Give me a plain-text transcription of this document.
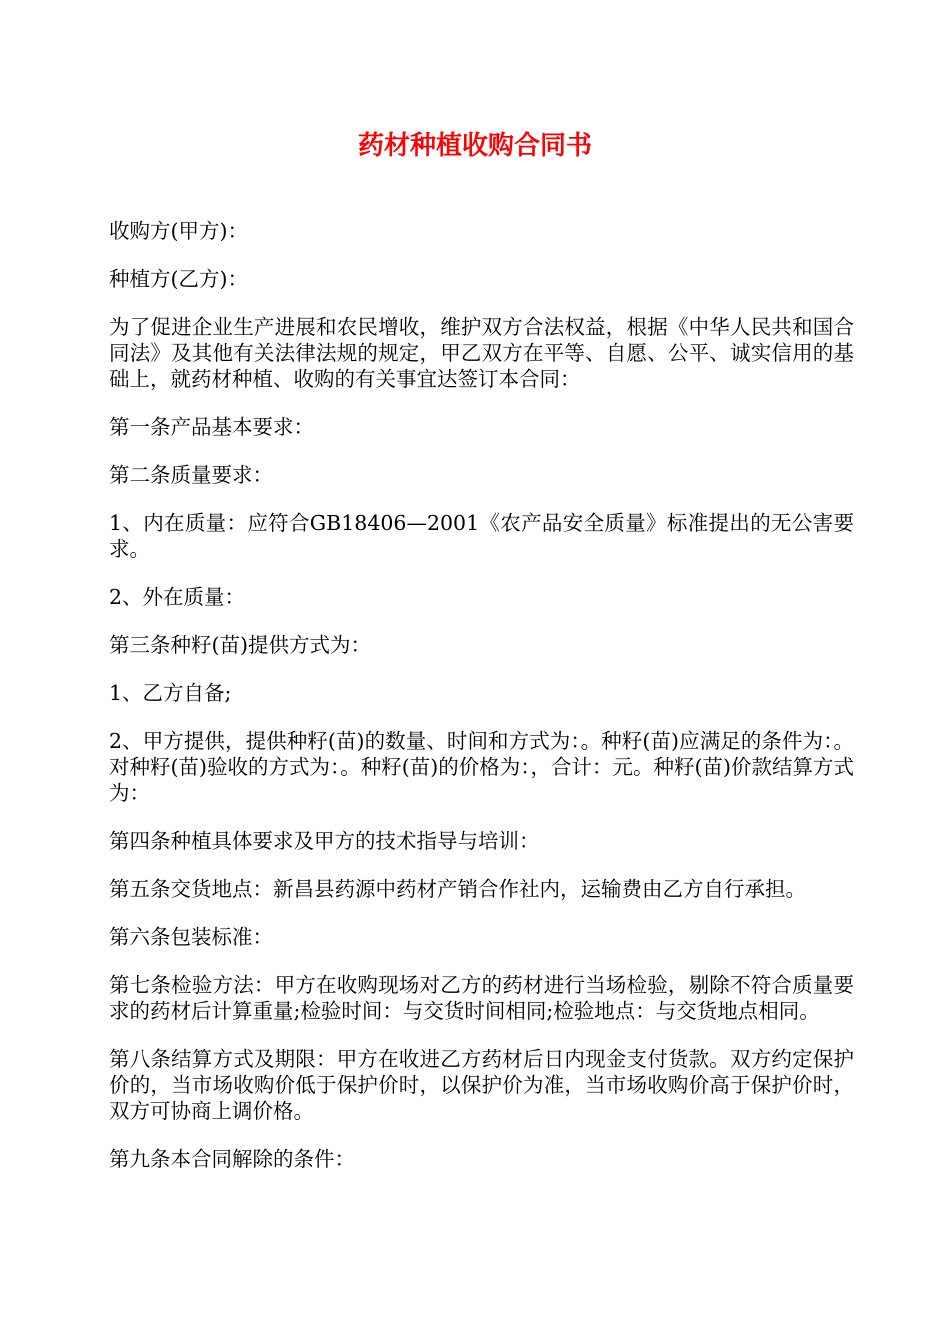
药材种植收购合同书

收购方(甲方)：

种植方(乙方)：

为了促进企业生产进展和农民增收，维护双方合法权益，根据《中华人民共和国合同法》及其他有关法律法规的规定，甲乙双方在平等、自愿、公平、诚实信用的基础上，就药材种植、收购的有关事宜达签订本合同：

第一条产品基本要求：

第二条质量要求：

1、内在质量：应符合GB18406—2001《农产品安全质量》标准提出的无公害要求。

2、外在质量：

第三条种籽(苗)提供方式为：

1、乙方自备;

2、甲方提供，提供种籽(苗)的数量、时间和方式为：。种籽(苗)应满足的条件为：。对种籽(苗)验收的方式为：。种籽(苗)的价格为：，合计：元。种籽(苗)价款结算方式为：

第四条种植具体要求及甲方的技术指导与培训：

第五条交货地点：新昌县药源中药材产销合作社内，运输费由乙方自行承担。

第六条包装标准：

第七条检验方法：甲方在收购现场对乙方的药材进行当场检验，剔除不符合质量要求的药材后计算重量;检验时间：与交货时间相同;检验地点：与交货地点相同。

第八条结算方式及期限：甲方在收进乙方药材后日内现金支付货款。双方约定保护价的，当市场收购价低于保护价时，以保护价为准，当市场收购价高于保护价时，双方可协商上调价格。

第九条本合同解除的条件：
